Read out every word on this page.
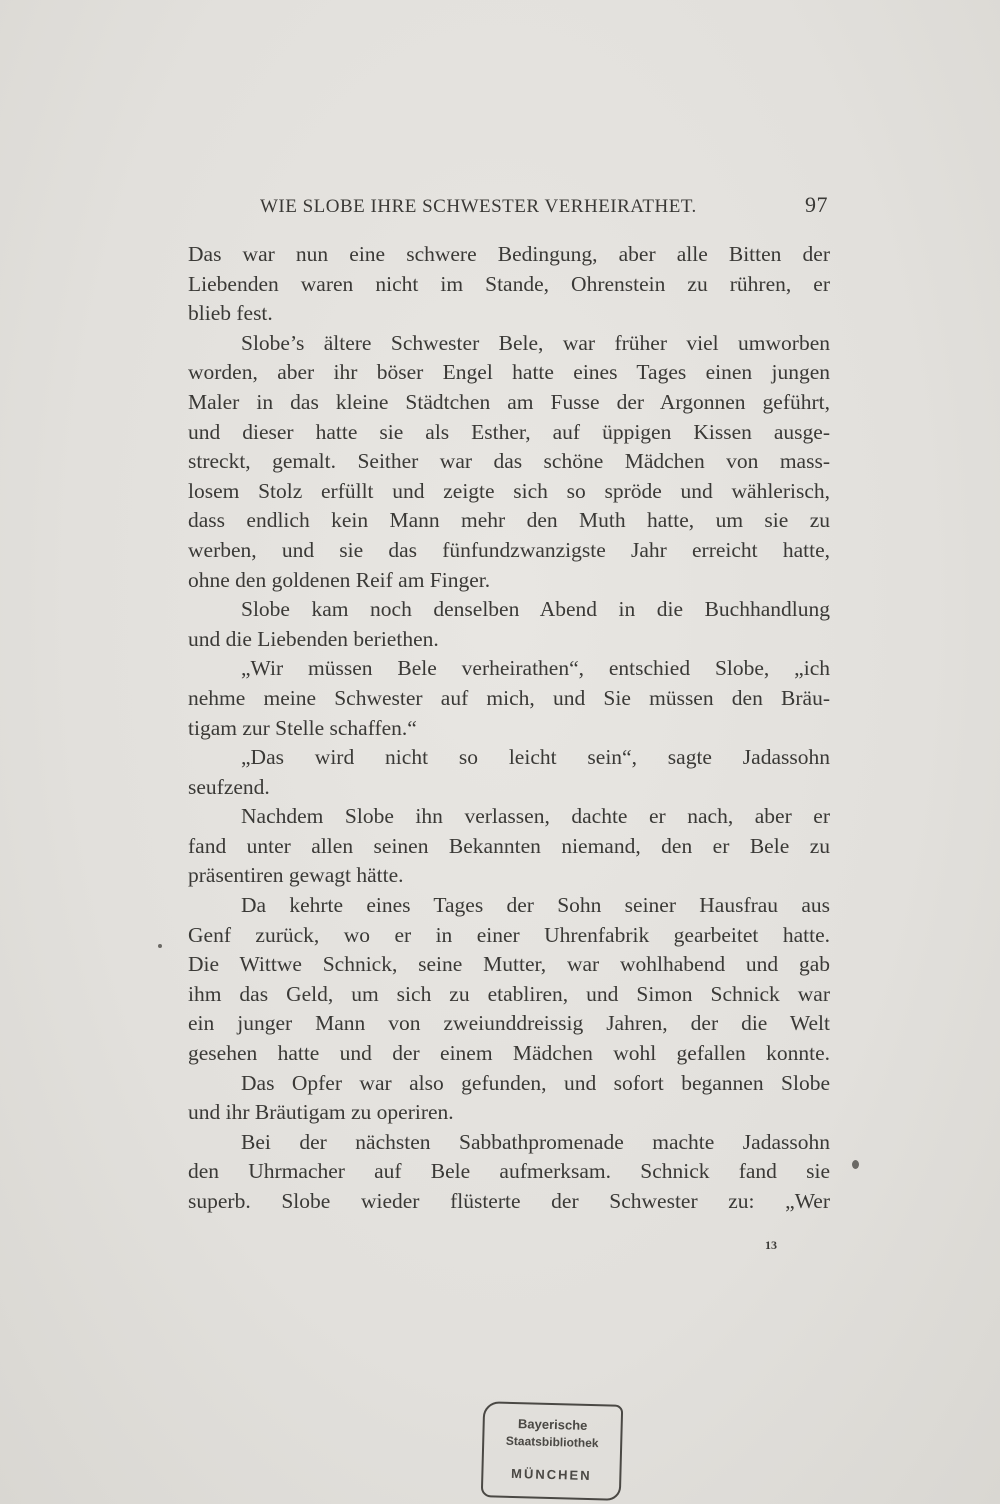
WIE SLOBE IHRE SCHWESTER VERHEIRATHET.	97
Das war nun eine schwere Bedingung, aber alle Bitten der
Liebenden waren nicht im Stande, Ohrenstein zu rühren, er
blieb fest.
Slobe’s ältere Schwester Bele, war früher viel umworben
worden, aber ihr böser Engel hatte eines Tages einen jungen
Maler in das kleine Städtchen am Fusse der Argonnen geführt,
und dieser hatte sie als Esther, auf üppigen Kissen ausge-
streckt, gemalt. Seither war das schöne Mädchen von mass-
losem Stolz erfüllt und zeigte sich so spröde und wählerisch,
dass endlich kein Mann mehr den Muth hatte, um sie zu
werben, und sie das fünfundzwanzigste Jahr erreicht hatte,
ohne den goldenen Reif am Finger.
Slobe kam noch denselben Abend in die Buchhandlung
und die Liebenden beriethen.
„Wir müssen Bele verheirathen“, entschied Slobe, „ich
nehme meine Schwester auf mich, und Sie müssen den Bräu-
tigam zur Stelle schaffen.“
„Das wird nicht so leicht sein“, sagte Jadassohn
seufzend.
Nachdem Slobe ihn verlassen, dachte er nach, aber er
fand unter allen seinen Bekannten niemand, den er Bele zu
präsentiren gewagt hätte.
Da kehrte eines Tages der Sohn seiner Hausfrau aus
Genf zurück, wo er in einer Uhrenfabrik gearbeitet hatte.
Die Wittwe Schnick, seine Mutter, war wohlhabend und gab
ihm das Geld, um sich zu etabliren, und Simon Schnick war
ein junger Mann von zweiunddreissig Jahren, der die Welt
gesehen hatte und der einem Mädchen wohl gefallen konnte.
Das Opfer war also gefunden, und sofort begannen Slobe
und ihr Bräutigam zu operiren.
Bei der nächsten Sabbathpromenade machte Jadassohn
den Uhrmacher auf Bele aufmerksam. Schnick fand sie
superb. Slobe wieder flüsterte der Schwester zu: „Wer
13
Bayerische
Staatsbibliothek
MÜNCHEN
